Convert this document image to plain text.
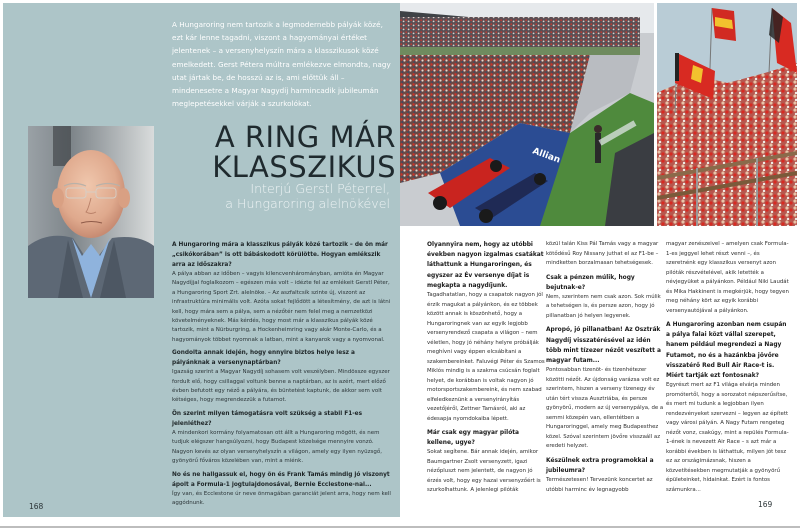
A Hungaroring nem tartozik a legmodernebb pályák közé, ezt kár lenne tagadni, viszont a hagyományai értéket jelentenek – a versenyhelyszín mára a klasszikusok közé emelkedett. Gerst Pétera múltra emlékezve elmondta, nagy utat jártak be, de hosszú az is, ami előttük áll – mindenesetre a Magyar Nagydíj harmincadik jubileumán meglepetésekkel várják a szurkolókat.
A RING MÁR
KLASSZIKUS
Interjú Gerstl Péterrel,
a Hungaroring alelnökével

A Hungaroring mára a klasszikus pályák közé tartozik – de ön már „csikókorában” is ott bábáskodott körülötte. Hogyan emlékszik arra az időszakra?

A pálya abban az időben – vagyis kilencvenhárományban, amióta én Magyar Nagydíjjal foglalkozom – egészen más volt – idézte fel az emlékeit Gerstl Péter, a Hungaroring Sport Zrt. alelnöke. – Az aszfaltcsík szinte új, viszont az infrastruktúra minimális volt. Azóta sokat fejlődött a létesítmény, de azt is látni kell, hogy mára sem a pálya, sem a nézőtér nem felel meg a nemzetközi követelményeknek. Más kérdés, hogy most már a klasszikus pályák közé tartozik, mint a Nürburgring, a Hockenheimring vagy akár Monte-Carlo, és a hagyományok többet nyomnak a latban, mint a kanyarok vagy a nyomvonal.

Gondolta annak idején, hogy ennyire biztos helye lesz a pályánknak a versenynaptárban?

Igazság szerint a Magyar Nagydíj sohasem volt veszélyben. Mindössze egyszer fordult elő, hogy csillaggal voltunk benne a naptárban, az is azért, mert előző évben befutott egy néző a pályára, és büntetést kaptunk, de akkor sem volt kétséges, hogy megrendezzük a futamot.

Ön szerint milyen támogatásra volt szükség a stabil F1-es jelenléthez?

A mindenkori kormány folyamatosan ott állt a Hungaroring mögött, és nem tudjuk elégszer hangsúlyozni, hogy Budapest közelsége mennyire vonzó. Nagyon kevés az olyan versenyhelyszín a világon, amely egy ilyen nyüzsgő, gyönyörű főváros közelében van, mint a miénk.

No és ne hallgassuk el, hogy ön és Frank Tamás mindig jó viszonyt ápolt a Formula-1 jogtulajdonosával, Bernie Ecclestone-nal...

Így van, és Ecclestone úr neve önmagában garanciát jelent arra, hogy nem kell aggódnunk.

168
Allian

Olyannyira nem, hogy az utóbbi években nagyon izgalmas csatákat láthattunk a Hungaroringen, és egyszer az Év versenye díjat is megkapta a nagydíjunk.

Tagadhatatlan, hogy a csapatok nagyon jól érzik magukat a pályánkon, és ez többek között annak is köszönhető, hogy a Hungaroringnek van az egyik legjobb versenyrendező csapata a világon – nem véletlen, hogy jó néhány helyre próbálják meghívni vagy éppen elcsábítani a szakembereinket. Faluvégi Péter és Szamos Miklós mindig is a szakma csúcsán foglalt helyet, de korábban is voltak nagyon jó motorsportszakembereink, és nem szabad elfeledkeznünk a versenyirányítás vezetőjéről, Zettner Tamásról, aki az édesapja nyomdokaiba lépett.

Már csak egy magyar pilóta kellene, ugye?

Sokat segítene. Bár annak idején, amikor Baumgartner Zsolt versenyzett, igazi nézőpluszt nem jelentett, de nagyon jó érzés volt, hogy egy hazai versenyzőért is szurkolhattunk. A jelenlegi pilóták

közül talán Kiss Pál Tamás vagy a magyar kötődésű Roy Nissany juthat el az F1-be – mindketten borzalmasan tehetségesek.

Csak a pénzen múlik, hogy bejutnak-e?

Nem, szerintem nem csak azon. Sok múlik a tehetségen is, és persze azon, hogy jó pillanatban jó helyen legyenek.

Apropó, jó pillanatban! Az Osztrák Nagydíj visszatérésével az idén több mint tízezer nézőt veszített a magyar futam...

Pontosabban tizenöt- és tizenhétezer közötti nézőt. Az újdonság varázsa volt ez szerintem, hiszen a verseny tizenegy év után tért vissza Ausztriába, és persze gyönyörű, modern az új versenypálya, de a semmi közepén van, ellentétben a Hungaroringgel, amely meg Budapesthez közel. Szóval szerintem jövőre visszaáll az eredeti helyzet.

Készülnek extra programokkal a jubileumra?

Természetesen! Tervezünk koncertet az utóbbi harminc év legnagyobb

magyar zenészeivel – amelyen csak Formula-1-es jeggyel lehet részt venni –, és szeretnénk egy klasszikus versenyt azon pilóták részvételével, akik letették a névjegyüket a pályánkon. Például Niki Laudát és Mika Hakkinent is megkérjük, hogy tegyen meg néhány kört az egyik korábbi versenyautójával a pályánkon.

A Hungaroring azonban nem csupán a pálya falai közt vállal szerepet, hanem például megrendezi a Nagy Futamot, no és a hazánkba jövőre visszatérő Red Bull Air Race-t is. Miért tartják ezt fontosnak?

Egyrészt mert az F1 világa elvárja minden promótertől, hogy a sorozatot népszerűsítse, és mert mi tudunk a legjobban ilyen rendezvényeket szervezni – legyen az épített vagy városi pályán. A Nagy Futam rengeteg nézőt vonz, csakúgy, mint a repülés Formula-1-ének is nevezett Air Race – s azt már a korábbi években is láthattuk, milyen jót tesz ez az országimázsnak, hiszen a közvetítésekben megmutatják a gyönyörű épületeinket, hídainkat. Ezért is fontos számunkra...

169
